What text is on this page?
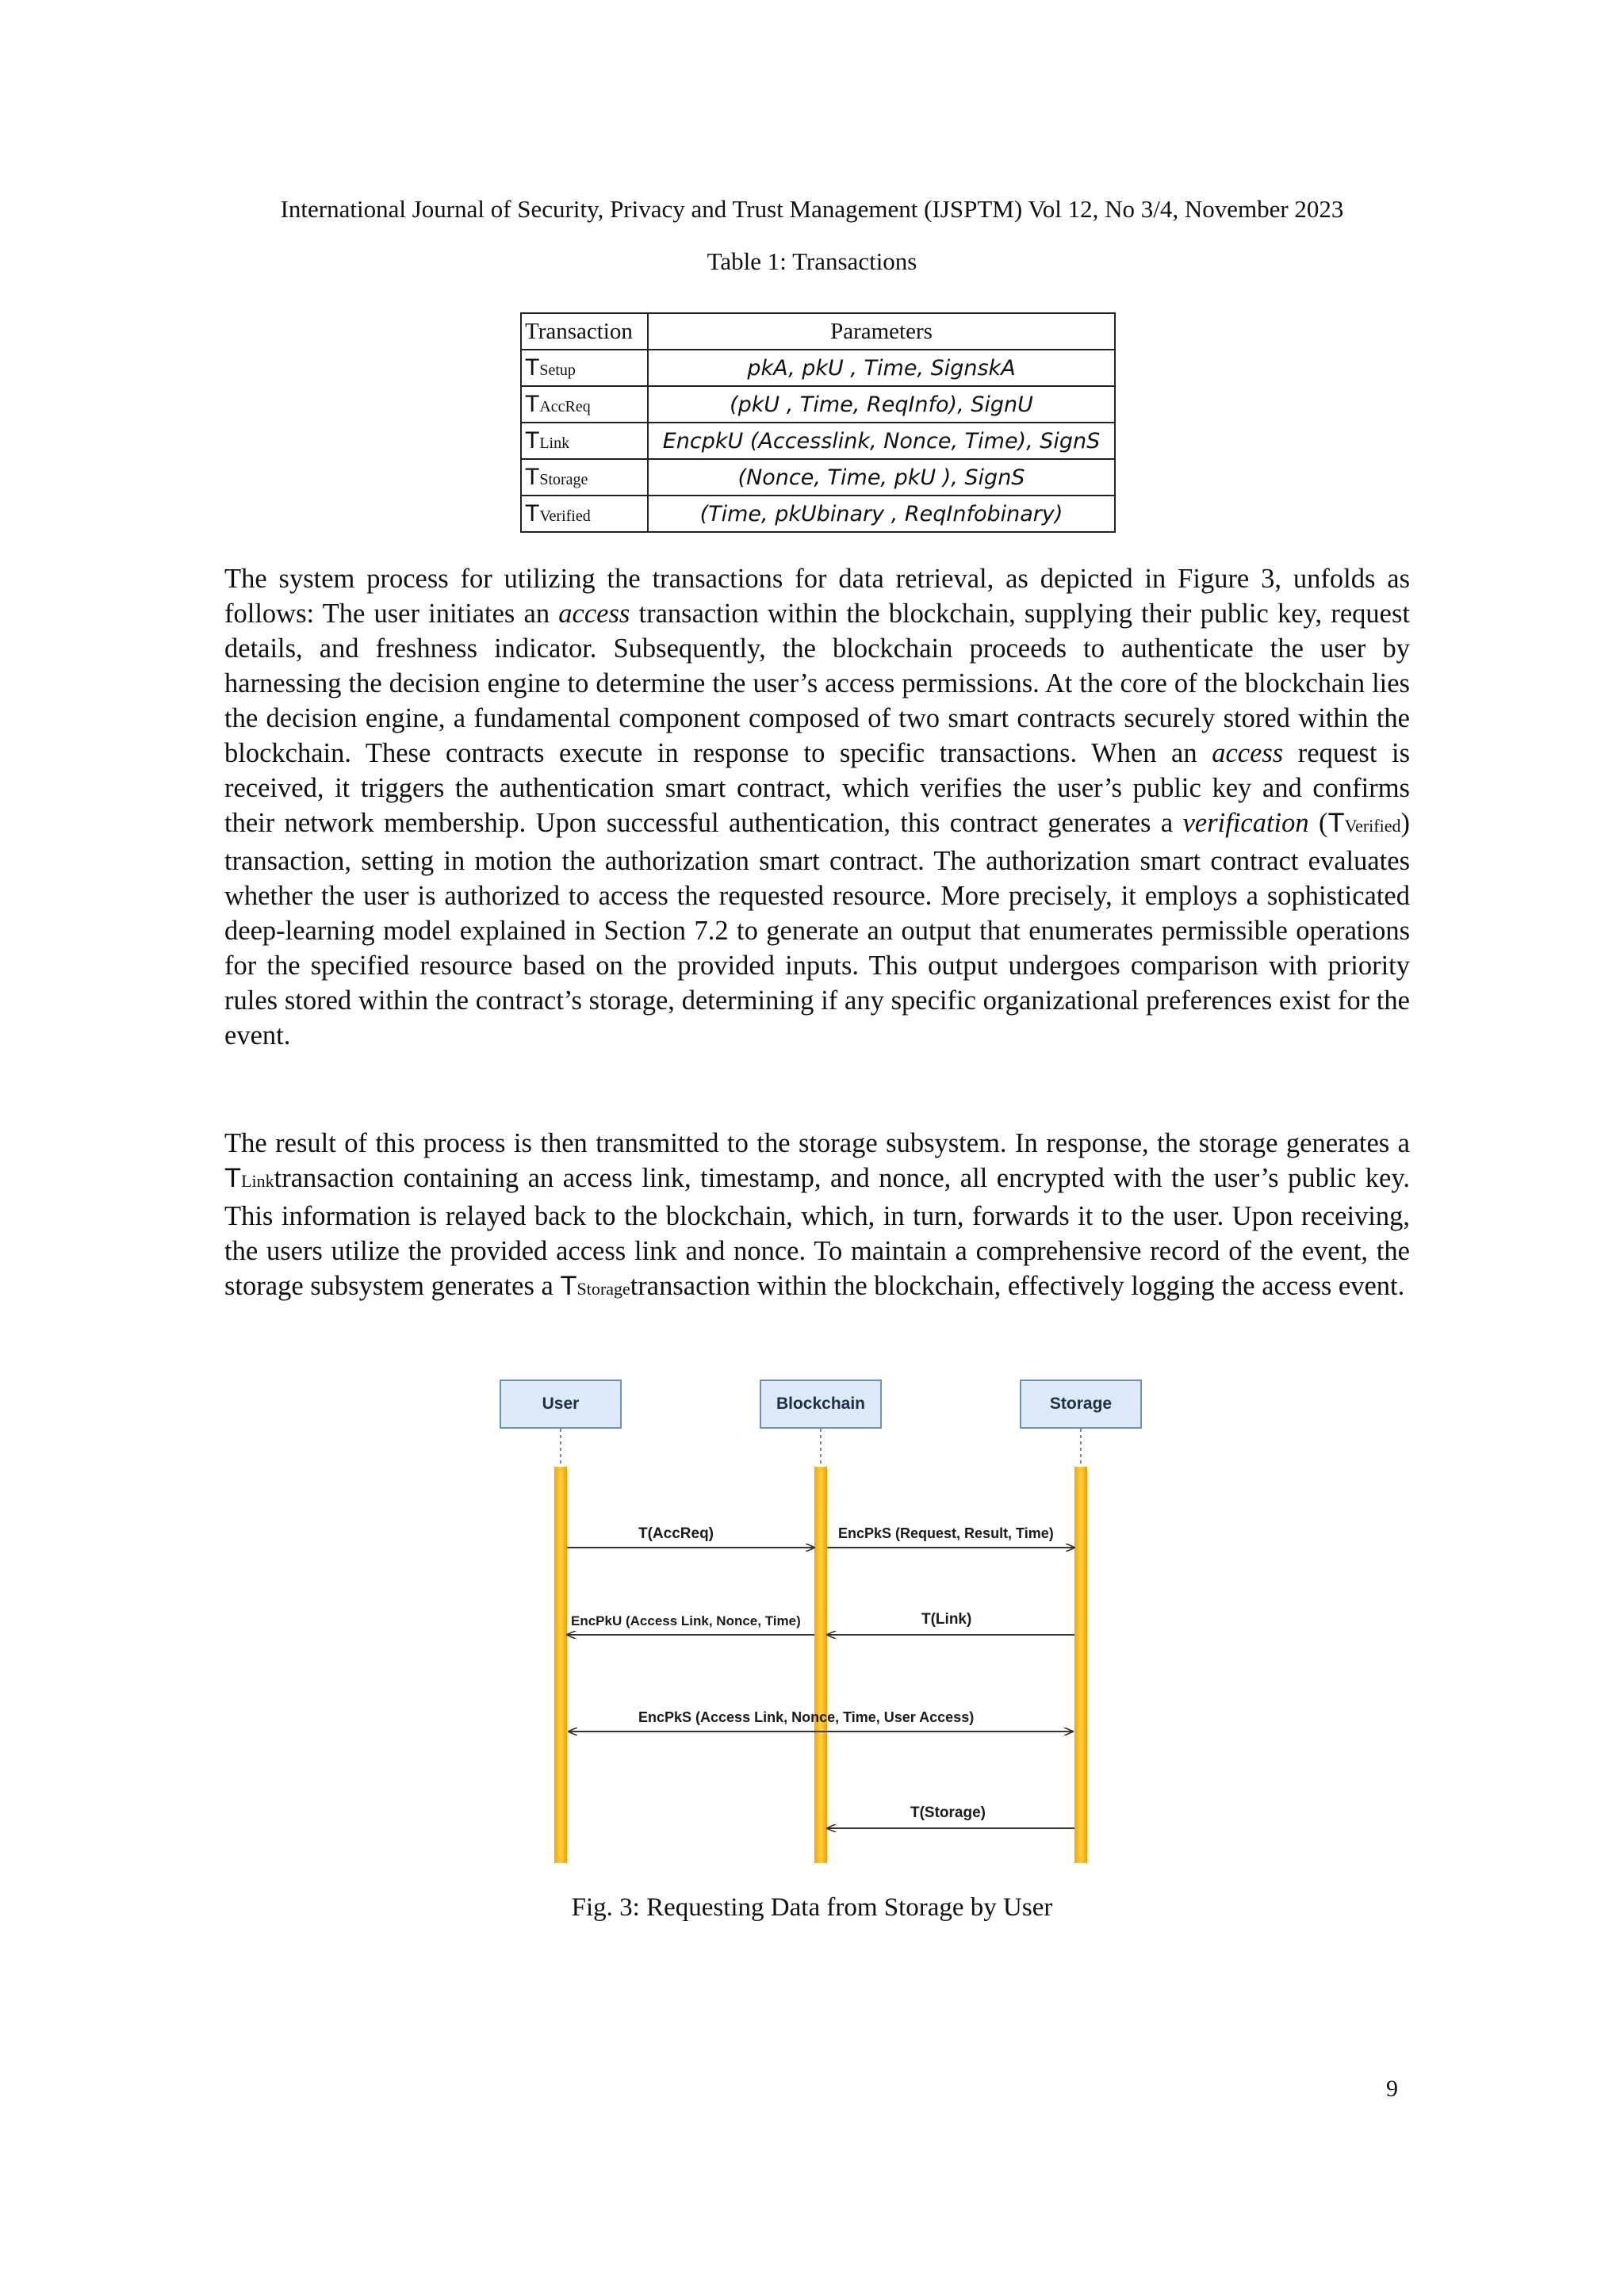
International Journal of Security, Privacy and Trust Management (IJSPTM) Vol 12, No 3/4, November 2023
Table 1: Transactions
Transaction	Parameters
TSetup	pkA, pkU , Time, SignskA
TAccReq	(pkU , Time, ReqInfo), SignU
TLink	EncpkU (Accesslink, Nonce, Time), SignS
TStorage	(Nonce, Time, pkU ), SignS
TVerified	(Time, pkUbinary , ReqInfobinary)

The system process for utilizing the transactions for data retrieval, as depicted in Figure 3, unfolds as follows: The user initiates an access transaction within the blockchain, supplying their public key, request details, and freshness indicator. Subsequently, the blockchain proceeds to authenticate the user by harnessing the decision engine to determine the user’s access permissions. At the core of the blockchain lies the decision engine, a fundamental component composed of two smart contracts securely stored within the blockchain. These contracts execute in response to specific transactions. When an access request is received, it triggers the authentication smart contract, which verifies the user’s public key and confirms their network membership. Upon successful authentication, this contract generates a verification (TVerified) transaction, setting in motion the authorization smart contract. The authorization smart contract evaluates whether the user is authorized to access the requested resource. More precisely, it employs a sophisticated deep-learning model explained in Section 7.2 to generate an output that enumerates permissible operations for the specified resource based on the provided inputs. This output undergoes comparison with priority rules stored within the contract’s storage, determining if any specific organizational preferences exist for the event.

The result of this process is then transmitted to the storage subsystem. In response, the storage generates a TLinktransaction containing an access link, timestamp, and nonce, all encrypted with the user’s public key. This information is relayed back to the blockchain, which, in turn, forwards it to the user. Upon receiving, the users utilize the provided access link and nonce. To maintain a comprehensive record of the event, the storage subsystem generates a TStoragetransaction within the blockchain, effectively logging the access event.

User	Blockchain	Storage
T(AccReq)	EncPkS (Request, Result, Time)
EncPkU (Access Link, Nonce, Time)	T(Link)
EncPkS (Access Link, Nonce, Time, User Access)
T(Storage)
Fig. 3: Requesting Data from Storage by User
9
